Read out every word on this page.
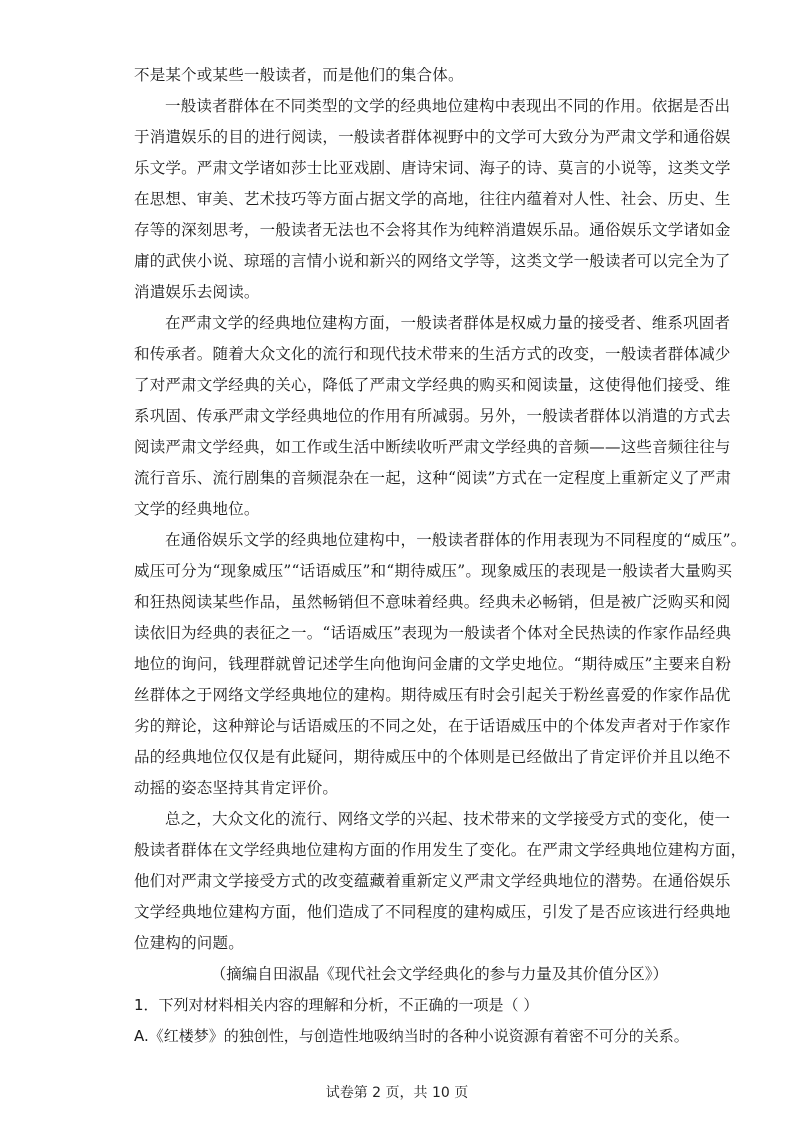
不是某个或某些一般读者，而是他们的集合体。
一般读者群体在不同类型的文学的经典地位建构中表现出不同的作用。依据是否出
于消遣娱乐的目的进行阅读，一般读者群体视野中的文学可大致分为严肃文学和通俗娱
乐文学。严肃文学诸如莎士比亚戏剧、唐诗宋词、海子的诗、莫言的小说等，这类文学
在思想、审美、艺术技巧等方面占据文学的高地，往往内蕴着对人性、社会、历史、生
存等的深刻思考，一般读者无法也不会将其作为纯粹消遣娱乐品。通俗娱乐文学诸如金
庸的武侠小说、琼瑶的言情小说和新兴的网络文学等，这类文学一般读者可以完全为了
消遣娱乐去阅读。
在严肃文学的经典地位建构方面，一般读者群体是权威力量的接受者、维系巩固者
和传承者。随着大众文化的流行和现代技术带来的生活方式的改变，一般读者群体减少
了对严肃文学经典的关心，降低了严肃文学经典的购买和阅读量，这使得他们接受、维
系巩固、传承严肃文学经典地位的作用有所减弱。另外，一般读者群体以消遣的方式去
阅读严肃文学经典，如工作或生活中断续收听严肃文学经典的音频——这些音频往往与
流行音乐、流行剧集的音频混杂在一起，这种“阅读”方式在一定程度上重新定义了严肃
文学的经典地位。
在通俗娱乐文学的经典地位建构中，一般读者群体的作用表现为不同程度的“威压”。
威压可分为“现象威压”“话语威压”和“期待威压”。现象威压的表现是一般读者大量购买
和狂热阅读某些作品，虽然畅销但不意味着经典。经典未必畅销，但是被广泛购买和阅
读依旧为经典的表征之一。“话语威压”表现为一般读者个体对全民热读的作家作品经典
地位的询问，钱理群就曾记述学生向他询问金庸的文学史地位。“期待威压”主要来自粉
丝群体之于网络文学经典地位的建构。期待威压有时会引起关于粉丝喜爱的作家作品优
劣的辩论，这种辩论与话语威压的不同之处，在于话语威压中的个体发声者对于作家作
品的经典地位仅仅是有此疑问，期待威压中的个体则是已经做出了肯定评价并且以绝不
动摇的姿态坚持其肯定评价。
总之，大众文化的流行、网络文学的兴起、技术带来的文学接受方式的变化，使一
般读者群体在文学经典地位建构方面的作用发生了变化。在严肃文学经典地位建构方面，
他们对严肃文学接受方式的改变蕴藏着重新定义严肃文学经典地位的潜势。在通俗娱乐
文学经典地位建构方面，他们造成了不同程度的建构威压，引发了是否应该进行经典地
位建构的问题。
（摘编自田淑晶《现代社会文学经典化的参与力量及其价值分区》）
1．下列对材料相关内容的理解和分析，不正确的一项是（ ）
A.《红楼梦》的独创性，与创造性地吸纳当时的各种小说资源有着密不可分的关系。
试卷第 2 页，共 10 页
